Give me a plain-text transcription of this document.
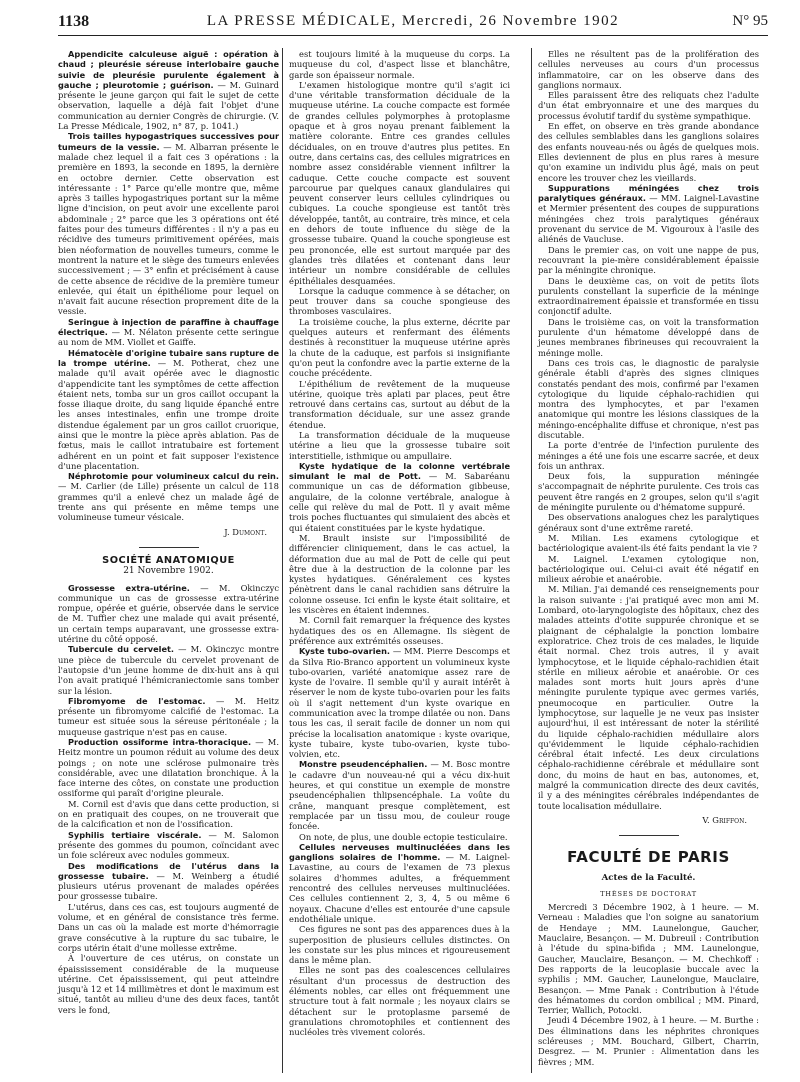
1138	LA PRESSE MÉDICALE, Mercredi, 26 Novembre 1902	N° 95

Appendicite calculeuse aiguë : opération à chaud ; pleurésie séreuse interlobaire gauche suivie de pleurésie purulente également à gauche ; pleurotomie ; guérison. — M. Guinard présente le jeune garçon qui fait le sujet de cette observation, laquelle a déjà fait l'objet d'une communication au dernier Congrès de chirurgie. (V. La Presse Médicale, 1902, n° 87, p. 1041.)

Trois tailles hypogastriques successives pour tumeurs de la vessie. — M. Albarran présente le malade chez lequel il a fait ces 3 opérations : la première en 1893, la seconde en 1895, la dernière en octobre dernier. Cette observation est intéressante : 1° Parce qu'elle montre que, même après 3 tailles hypogastriques portant sur la même ligne d'incision, on peut avoir une excellente paroi abdominale ; 2° parce que les 3 opérations ont été faites pour des tumeurs différentes : il n'y a pas eu récidive des tumeurs primitivement opérées, mais bien néoformation de nouvelles tumeurs, comme le montrent la nature et le siège des tumeurs enlevées successivement ; — 3° enfin et précisément à cause de cette absence de récidive de la première tumeur enlevée, qui était un épithéliome pour lequel on n'avait fait aucune résection proprement dite de la vessie.

Seringue à injection de paraffine à chauffage électrique. — M. Nélaton présente cette seringue au nom de MM. Viollet et Gaiffe.

Hématocèle d'origine tubaire sans rupture de la trompe utérine. — M. Potherat, chez une malade qu'il avait opérée avec le diagnostic d'appendicite tant les symptômes de cette affection étaient nets, tomba sur un gros caillot occupant la fosse iliaque droite, du sang liquide épanché entre les anses intestinales, enfin une trompe droite distendue également par un gros caillot cruorique, ainsi que le montre la pièce après ablation. Pas de fœtus, mais le caillot intratubaire est fortement adhérent en un point et fait supposer l'existence d'une placentation.

Néphrotomie pour volumineux calcul du rein. — M. Carlier (de Lille) présente un calcul de 118 grammes qu'il a enlevé chez un malade âgé de trente ans qui présente en même temps une volumineuse tumeur vésicale.

J. Dumont.

SOCIÉTÉ ANATOMIQUE

21 Novembre 1902.

Grossesse extra-utérine. — M. Okinczyc communique un cas de grossesse extra-utérine rompue, opérée et guérie, observée dans le service de M. Tuffier chez une malade qui avait présenté, un certain temps auparavant, une grossesse extra-utérine du côté opposé.

Tubercule du cervelet. — M. Okinczyc montre une pièce de tubercule du cervelet provenant de l'autopsie d'un jeune homme de dix-huit ans à qui l'on avait pratiqué l'hémicraniectomie sans tomber sur la lésion.

Fibromyome de l'estomac. — M. Heitz présente un fibromyome calcifié de l'estomac. La tumeur est située sous la séreuse péritonéale ; la muqueuse gastrique n'est pas en cause.

Production ossiforme intra-thoracique. — M. Heitz montre un poumon réduit au volume des deux poings ; on note une sclérose pulmonaire très considérable, avec une dilatation bronchique. À la face interne des côtes, on constate une production ossiforme qui paraît d'origine pleurale.

M. Cornil est d'avis que dans cette production, si on en pratiquait des coupes, on ne trouverait que de la calcification et non de l'ossification.

Syphilis tertiaire viscérale. — M. Salomon présente des gommes du poumon, coïncidant avec un foie scléreux avec nodules gommeux.

Des modifications de l'utérus dans la grossesse tubaire. — M. Weinberg a étudié plusieurs utérus provenant de malades opérées pour grossesse tubaire.

L'utérus, dans ces cas, est toujours augmenté de volume, et en général de consistance très ferme. Dans un cas où la malade est morte d'hémorragie grave consécutive à la rupture du sac tubaire, le corps utérin était d'une mollesse extrême.

À l'ouverture de ces utérus, on constate un épaississement considérable de la muqueuse utérine. Cet épaississement, qui peut atteindre jusqu'à 12 et 14 millimètres et dont le maximum est situé, tantôt au milieu d'une des deux faces, tantôt vers le fond,

est toujours limité à la muqueuse du corps. La muqueuse du col, d'aspect lisse et blanchâtre, garde son épaisseur normale.

L'examen histologique montre qu'il s'agit ici d'une véritable transformation déciduale de la muqueuse utérine. La couche compacte est formée de grandes cellules polymorphes à protoplasme opaque et à gros noyau prenant faiblement la matière colorante. Entre ces grandes cellules déciduales, on en trouve d'autres plus petites. En outre, dans certains cas, des cellules migratrices en nombre assez considérable viennent infiltrer la caduque. Cette couche compacte est souvent parcourue par quelques canaux glandulaires qui peuvent conserver leurs cellules cylindriques ou cubiques. La couche spongieuse est tantôt très développée, tantôt, au contraire, très mince, et cela en dehors de toute influence du siège de la grossesse tubaire. Quand la couche spongieuse est peu prononcée, elle est surtout marquée par des glandes très dilatées et contenant dans leur intérieur un nombre considérable de cellules épithéliales desquamées.

Lorsque la caduque commence à se détacher, on peut trouver dans sa couche spongieuse des thromboses vasculaires.

La troisième couche, la plus externe, décrite par quelques auteurs et renfermant des éléments destinés à reconstituer la muqueuse utérine après la chute de la caduque, est parfois si insignifiante qu'on peut la confondre avec la partie externe de la couche précédente.

L'épithélium de revêtement de la muqueuse utérine, quoique très aplati par places, peut être retrouvé dans certains cas, surtout au début de la transformation déciduale, sur une assez grande étendue.

La transformation déciduale de la muqueuse utérine a lieu que la grossesse tubaire soit interstitielle, isthmique ou ampullaire.

Kyste hydatique de la colonne vertébrale simulant le mal de Pott. — M. Sabaréanu communique un cas de déformation gibbeuse, angulaire, de la colonne vertébrale, analogue à celle qui relève du mal de Pott. Il y avait même trois poches fluctuantes qui simulaient des abcès et qui étaient constituées par le kyste hydatique.

M. Brault insiste sur l'impossibilité de différencier cliniquement, dans le cas actuel, la déformation due au mal de Pott de celle qui peut être due à la destruction de la colonne par les kystes hydatiques. Généralement ces kystes pénètrent dans le canal rachidien sans détruire la colonne osseuse. Ici enfin le kyste était solitaire, et les viscères en étaient indemnes.

M. Cornil fait remarquer la fréquence des kystes hydatiques des os en Allemagne. Ils siègent de préférence aux extrémités osseuses.

Kyste tubo-ovarien. — MM. Pierre Descomps et da Silva Rio-Branco apportent un volumineux kyste tubo-ovarien, variété anatomique assez rare de kyste de l'ovaire. Il semble qu'il y aurait intérêt à réserver le nom de kyste tubo-ovarien pour les faits où il s'agit nettement d'un kyste ovarique en communication avec la trompe dilatée ou non. Dans tous les cas, il serait facile de donner un nom qui précise la localisation anatomique : kyste ovarique, kyste tubaire, kyste tubo-ovarien, kyste tubo-volvien, etc.

Monstre pseudencéphalien. — M. Bosc montre le cadavre d'un nouveau-né qui a vécu dix-huit heures, et qui constitue un exemple de monstre pseudencéphalien thlipsencéphale. La voûte du crâne, manquant presque complètement, est remplacée par un tissu mou, de couleur rouge foncée.

On note, de plus, une double ectopie testiculaire.

Cellules nerveuses multinucléées dans les ganglions solaires de l'homme. — M. Laignel-Lavastine, au cours de l'examen de 73 plexus solaires d'hommes adultes, a fréquemment rencontré des cellules nerveuses multinucléées. Ces cellules contiennent 2, 3, 4, 5 ou même 6 noyaux. Chacune d'elles est entourée d'une capsule endothéliale unique.

Ces figures ne sont pas des apparences dues à la superposition de plusieurs cellules distinctes. On les constate sur les plus minces et rigoureusement dans le même plan.

Elles ne sont pas des coalescences cellulaires résultant d'un processus de destruction des éléments nobles, car elles ont fréquemment une structure tout à fait normale ; les noyaux clairs se détachent sur le protoplasme parsemé de granulations chromotophiles et contiennent des nucléoles très vivement colorés.

Elles ne résultent pas de la prolifération des cellules nerveuses au cours d'un processus inflammatoire, car on les observe dans des ganglions normaux.

Elles paraissent être des reliquats chez l'adulte d'un état embryonnaire et une des marques du processus évolutif tardif du système sympathique.

En effet, on observe en très grande abondance des cellules semblables dans les ganglions solaires des enfants nouveau-nés ou âgés de quelques mois. Elles deviennent de plus en plus rares à mesure qu'on examine un individu plus âgé, mais on peut encore les trouver chez les vieillards.

Suppurations méningées chez trois paralytiques généraux. — MM. Laignel-Lavastine et Mermier présentent des coupes de suppurations méningées chez trois paralytiques généraux provenant du service de M. Vigouroux à l'asile des aliénés de Vaucluse.

Dans le premier cas, on voit une nappe de pus, recouvrant la pie-mère considérablement épaissie par la méningite chronique.

Dans le deuxième cas, on voit de petits îlots purulents constellant la superficie de la méninge extraordinairement épaissie et transformée en tissu conjonctif adulte.

Dans le troisième cas, on voit la transformation purulente d'un hématome développé dans de jeunes membranes fibrineuses qui recouvraient la méninge molle.

Dans ces trois cas, le diagnostic de paralysie générale établi d'après des signes cliniques constatés pendant des mois, confirmé par l'examen cytologique du liquide céphalo-rachidien qui montra des lymphocytes, et par l'examen anatomique qui montre les lésions classiques de la méningo-encéphalite diffuse et chronique, n'est pas discutable.

La porte d'entrée de l'infection purulente des méninges a été une fois une escarre sacrée, et deux fois un anthrax.

Deux fois, la suppuration méningée s'accompagnait de néphrite purulente. Ces trois cas peuvent être rangés en 2 groupes, selon qu'il s'agit de méningite purulente ou d'hématome suppuré.

Des observations analogues chez les paralytiques généraux sont d'une extrême rareté.

M. Milian. Les examens cytologique et bactériologique avaient-ils été faits pendant la vie ?

M. Laignel. L'examen cytologique non, bactériologique oui. Celui-ci avait été négatif en milieux aérobie et anaérobie.

M. Milian. J'ai demandé ces renseignements pour la raison suivante : j'ai pratiqué avec mon ami M. Lombard, oto-laryngologiste des hôpitaux, chez des malades atteints d'otite suppurée chronique et se plaignant de céphalalgie la ponction lombaire exploratrice. Chez trois de ces malades, le liquide était normal. Chez trois autres, il y avait lymphocytose, et le liquide céphalo-rachidien était stérile en milieux aérobie et anaérobie. Or ces malades sont morts huit jours après d'une méningite purulente typique avec germes variés, pneumocoque en particulier. Outre la lymphocytose, sur laquelle je ne veux pas insister aujourd'hui, il est intéressant de noter la stérilité du liquide céphalo-rachidien médullaire alors qu'évidemment le liquide céphalo-rachidien cérébral était infecté. Les deux circulations céphalo-rachidienne cérébrale et médullaire sont donc, du moins de haut en bas, autonomes, et, malgré la communication directe des deux cavités, il y a des méningites cérébrales indépendantes de toute localisation médullaire.

V. Griffon.

FACULTÉ DE PARIS

Actes de la Faculté.

THÈSES DE DOCTORAT

Mercredi 3 Décembre 1902, à 1 heure. — M. Verneau : Maladies que l'on soigne au sanatorium de Hendaye ; MM. Launelongue, Gaucher, Mauclaire, Besançon. — M. Dubreuil : Contribution à l'étude du spina-bifida ; MM. Launelongue, Gaucher, Mauclaire, Besançon. — M. Chechkoff : Des rapports de la leucoplasie buccale avec la syphilis ; MM. Gaucher, Launelongue, Mauclaire, Besançon. — Mme Panak : Contribution à l'étude des hématomes du cordon ombilical ; MM. Pinard, Terrier, Wallich, Potocki.

Jeudi 4 Décembre 1902, à 1 heure. — M. Burthe : Des éliminations dans les néphrites chroniques scléreuses ; MM. Bouchard, Gilbert, Charrin, Desgrez. — M. Prunier : Alimentation dans les fièvres ; MM.
